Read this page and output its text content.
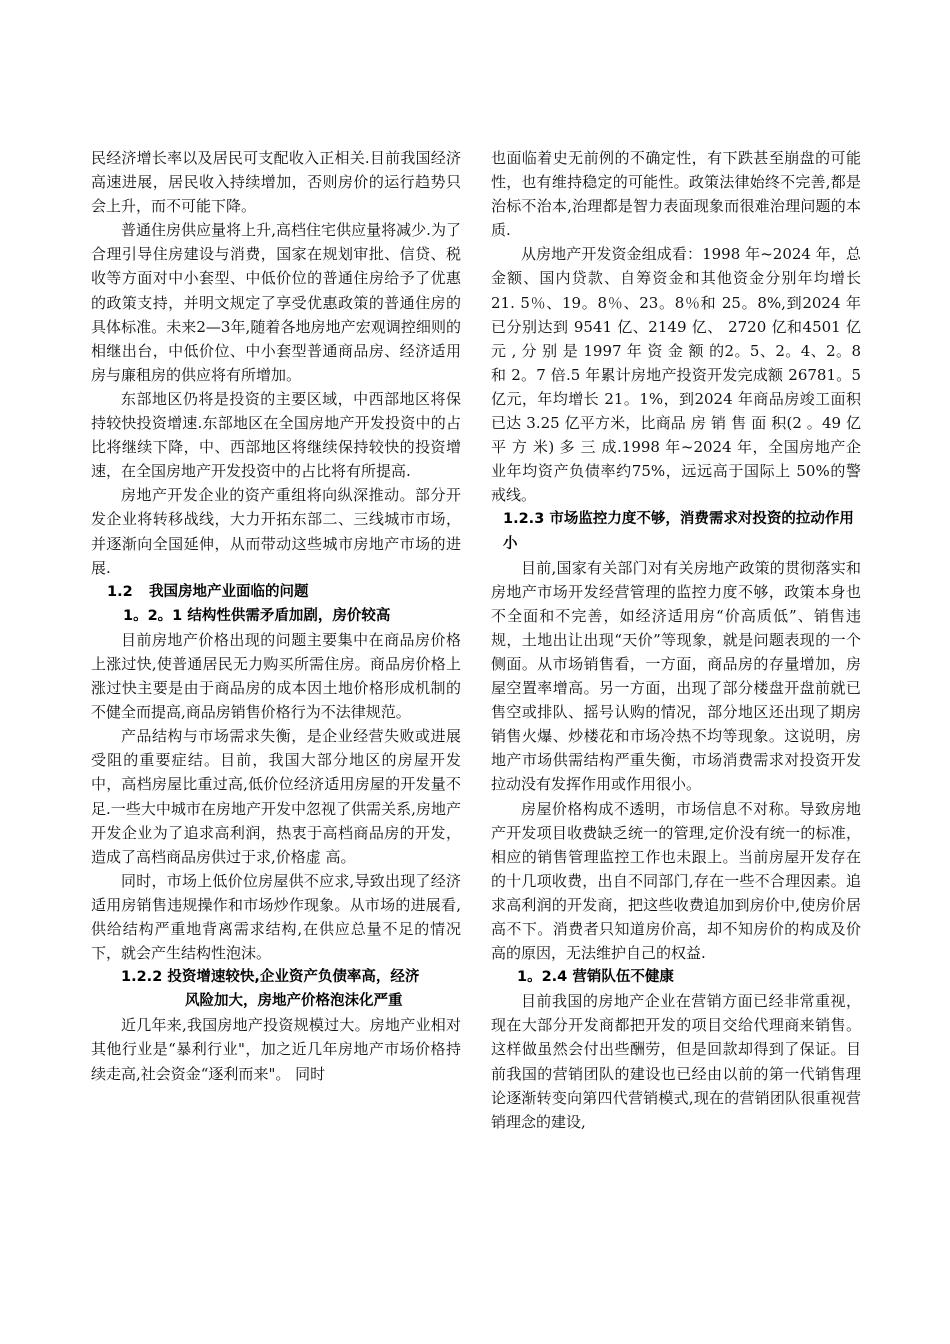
民经济增长率以及居民可支配收入正相关.目前我国经济高速进展，居民收入持续增加，否则房价的运行趋势只会上升，而不可能下降。

普通住房供应量将上升,高档住宅供应量将减少.为了合理引导住房建设与消费，国家在规划审批、信贷、税收等方面对中小套型、中低价位的普通住房给予了优惠的政策支持，并明文规定了享受优惠政策的普通住房的具体标准。未来2—3年,随着各地房地产宏观调控细则的相继出台，中低价位、中小套型普通商品房、经济适用房与廉租房的供应将有所增加。

东部地区仍将是投资的主要区域，中西部地区将保持较快投资增速.东部地区在全国房地产开发投资中的占比将继续下降，中、西部地区将继续保持较快的投资增速，在全国房地产开发投资中的占比将有所提高.

房地产开发企业的资产重组将向纵深推动。部分开发企业将转移战线，大力开拓东部二、三线城市市场，并逐渐向全国延伸，从而带动这些城市房地产市场的进展.

1.2 我国房地产业面临的问题
1。2。1 结构性供需矛盾加剧，房价较高

目前房地产价格出现的问题主要集中在商品房价格上涨过快,使普通居民无力购买所需住房。商品房价格上涨过快主要是由于商品房的成本因土地价格形成机制的不健全而提高,商品房销售价格行为不法律规范。

产品结构与市场需求失衡，是企业经营失败或进展受阻的重要症结。目前，我国大部分地区的房屋开发中，高档房屋比重过高,低价位经济适用房屋的开发量不足.一些大中城市在房地产开发中忽视了供需关系,房地产开发企业为了追求高利润，热衷于高档商品房的开发，造成了高档商品房供过于求,价格虚 高。

同时，市场上低价位房屋供不应求,导致出现了经济适用房销售违规操作和市场炒作现象。从市场的进展看,供给结构严重地背离需求结构,在供应总量不足的情况下，就会产生结构性泡沫。

1.2.2 投资增速较快,企业资产负债率高，经济
风险加大，房地产价格泡沫化严重

近几年来,我国房地产投资规模过大。房地产业相对其他行业是“暴利行业"，加之近几年房地产市场价格持续走高,社会资金“逐利而来"。 同时

也面临着史无前例的不确定性，有下跌甚至崩盘的可能性，也有维持稳定的可能性。政策法律始终不完善,都是治标不治本,治理都是智力表面现象而很难治理问题的本质.

从房地产开发资金组成看：1998 年~2024 年，总金额、国内贷款、自筹资金和其他资金分别年均增长 21. 5％、19。8％、23。8％和 25。8%,到2024 年已分别达到 9541 亿、2149 亿、 2720 亿和4501 亿 元 , 分 别 是 1997 年 资 金 额 的2。5、2。4、2。8 和 2。7 倍.5 年累计房地产投资开发完成额 26781。5 亿元，年均增长 21。1%，到2024 年商品房竣工面积已达 3.25 亿平方米，比商品 房 销 售 面 积(2 。49 亿 平 方 米) 多 三 成.1998 年~2024 年，全国房地产企业年均资产负债率约75%，远远高于国际上 50%的警戒线。

1.2.3 市场监控力度不够，消费需求对投资的拉动作用小

目前,国家有关部门对有关房地产政策的贯彻落实和房地产市场开发经营管理的监控力度不够，政策本身也不全面和不完善，如经济适用房“价高质低”、销售违规，土地出让出现“天价”等现象，就是问题表现的一个侧面。从市场销售看，一方面，商品房的存量增加，房屋空置率增高。另一方面，出现了部分楼盘开盘前就已售空或排队、摇号认购的情况，部分地区还出现了期房销售火爆、炒楼花和市场冷热不均等现象。这说明，房地产市场供需结构严重失衡，市场消费需求对投资开发拉动没有发挥作用或作用很小。

房屋价格构成不透明，市场信息不对称。导致房地产开发项目收费缺乏统一的管理,定价没有统一的标准，相应的销售管理监控工作也未跟上。当前房屋开发存在的十几项收费，出自不同部门,存在一些不合理因素。追求高利润的开发商，把这些收费追加到房价中,使房价居高不下。消费者只知道房价高，却不知房价的构成及价高的原因，无法维护自己的权益.

1。2.4 营销队伍不健康

目前我国的房地产企业在营销方面已经非常重视，现在大部分开发商都把开发的项目交给代理商来销售。这样做虽然会付出些酬劳，但是回款却得到了保证。目前我国的营销团队的建设也已经由以前的第一代销售理论逐渐转变向第四代营销模式,现在的营销团队很重视营销理念的建设,
